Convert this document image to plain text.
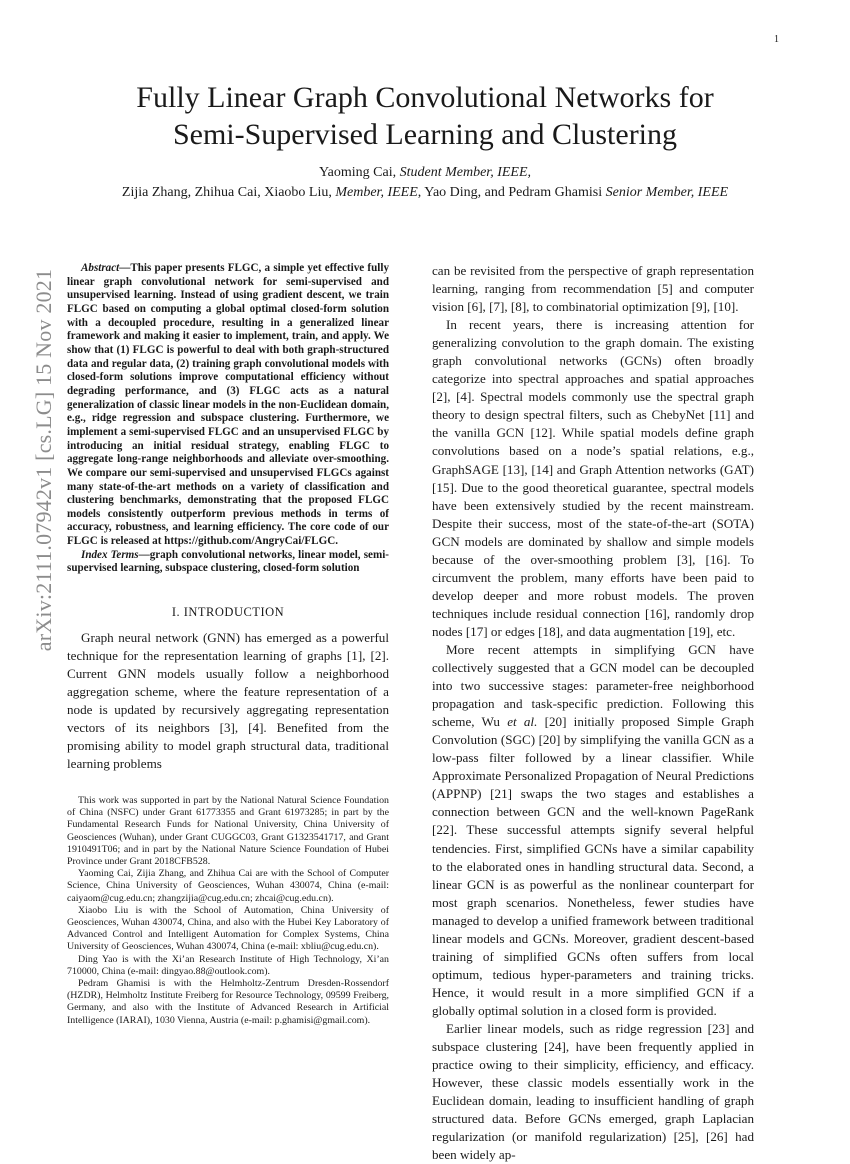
1
Fully Linear Graph Convolutional Networks for
Semi-Supervised Learning and Clustering
Yaoming Cai, Student Member, IEEE,
Zijia Zhang, Zhihua Cai, Xiaobo Liu, Member, IEEE, Yao Ding, and Pedram Ghamisi Senior Member, IEEE
arXiv:2111.07942v1 [cs.LG] 15 Nov 2021

Abstract—This paper presents FLGC, a simple yet effective fully linear graph convolutional network for semi-supervised and unsupervised learning. Instead of using gradient descent, we train FLGC based on computing a global optimal closed-form solution with a decoupled procedure, resulting in a generalized linear framework and making it easier to implement, train, and apply. We show that (1) FLGC is powerful to deal with both graph-structured data and regular data, (2) training graph convolutional models with closed-form solutions improve computational efficiency without degrading performance, and (3) FLGC acts as a natural generalization of classic linear models in the non-Euclidean domain, e.g., ridge regression and subspace clustering. Furthermore, we implement a semi-supervised FLGC and an unsupervised FLGC by introducing an initial residual strategy, enabling FLGC to aggregate long-range neighborhoods and alleviate over-smoothing. We compare our semi-supervised and unsupervised FLGCs against many state-of-the-art methods on a variety of classification and clustering benchmarks, demonstrating that the proposed FLGC models consistently outperform previous methods in terms of accuracy, robustness, and learning efficiency. The core code of our FLGC is released at https://github.com/AngryCai/FLGC.

Index Terms—graph convolutional networks, linear model, semi-supervised learning, subspace clustering, closed-form solution

I. INTRODUCTION

Graph neural network (GNN) has emerged as a powerful technique for the representation learning of graphs [1], [2]. Current GNN models usually follow a neighborhood aggregation scheme, where the feature representation of a node is updated by recursively aggregating representation vectors of its neighbors [3], [4]. Benefited from the promising ability to model graph structural data, traditional learning problems

This work was supported in part by the National Natural Science Foundation of China (NSFC) under Grant 61773355 and Grant 61973285; in part by the Fundamental Research Funds for National University, China University of Geosciences (Wuhan), under Grant CUGGC03, Grant G1323541717, and Grant 1910491T06; and in part by the National Nature Science Foundation of Hubei Province under Grant 2018CFB528.

Yaoming Cai, Zijia Zhang, and Zhihua Cai are with the School of Computer Science, China University of Geosciences, Wuhan 430074, China (e-mail: caiyaom@cug.edu.cn; zhangzijia@cug.edu.cn; zhcai@cug.edu.cn).

Xiaobo Liu is with the School of Automation, China University of Geosciences, Wuhan 430074, China, and also with the Hubei Key Laboratory of Advanced Control and Intelligent Automation for Complex Systems, China University of Geosciences, Wuhan 430074, China (e-mail: xbliu@cug.edu.cn).

Ding Yao is with the Xi’an Research Institute of High Technology, Xi’an 710000, China (e-mail: dingyao.88@outlook.com).

Pedram Ghamisi is with the Helmholtz-Zentrum Dresden-Rossendorf (HZDR), Helmholtz Institute Freiberg for Resource Technology, 09599 Freiberg, Germany, and also with the Institute of Advanced Research in Artificial Intelligence (IARAI), 1030 Vienna, Austria (e-mail: p.ghamisi@gmail.com).

can be revisited from the perspective of graph representation learning, ranging from recommendation [5] and computer vision [6], [7], [8], to combinatorial optimization [9], [10].

In recent years, there is increasing attention for generalizing convolution to the graph domain. The existing graph convolutional networks (GCNs) often broadly categorize into spectral approaches and spatial approaches [2], [4]. Spectral models commonly use the spectral graph theory to design spectral filters, such as ChebyNet [11] and the vanilla GCN [12]. While spatial models define graph convolutions based on a node’s spatial relations, e.g., GraphSAGE [13], [14] and Graph Attention networks (GAT) [15]. Due to the good theoretical guarantee, spectral models have been extensively studied by the recent mainstream. Despite their success, most of the state-of-the-art (SOTA) GCN models are dominated by shallow and simple models because of the over-smoothing problem [3], [16]. To circumvent the problem, many efforts have been paid to develop deeper and more robust models. The proven techniques include residual connection [16], randomly drop nodes [17] or edges [18], and data augmentation [19], etc.

More recent attempts in simplifying GCN have collectively suggested that a GCN model can be decoupled into two successive stages: parameter-free neighborhood propagation and task-specific prediction. Following this scheme, Wu et al. [20] initially proposed Simple Graph Convolution (SGC) [20] by simplifying the vanilla GCN as a low-pass filter followed by a linear classifier. While Approximate Personalized Propagation of Neural Predictions (APPNP) [21] swaps the two stages and establishes a connection between GCN and the well-known PageRank [22]. These successful attempts signify several helpful tendencies. First, simplified GCNs have a similar capability to the elaborated ones in handling structural data. Second, a linear GCN is as powerful as the nonlinear counterpart for most graph scenarios. Nonetheless, fewer studies have managed to develop a unified framework between traditional linear models and GCNs. Moreover, gradient descent-based training of simplified GCNs often suffers from local optimum, tedious hyper-parameters and training tricks. Hence, it would result in a more simplified GCN if a globally optimal solution in a closed form is provided.

Earlier linear models, such as ridge regression [23] and subspace clustering [24], have been frequently applied in practice owing to their simplicity, efficiency, and efficacy. However, these classic models essentially work in the Euclidean domain, leading to insufficient handling of graph structured data. Before GCNs emerged, graph Laplacian regularization (or manifold regularization) [25], [26] had been widely ap-
